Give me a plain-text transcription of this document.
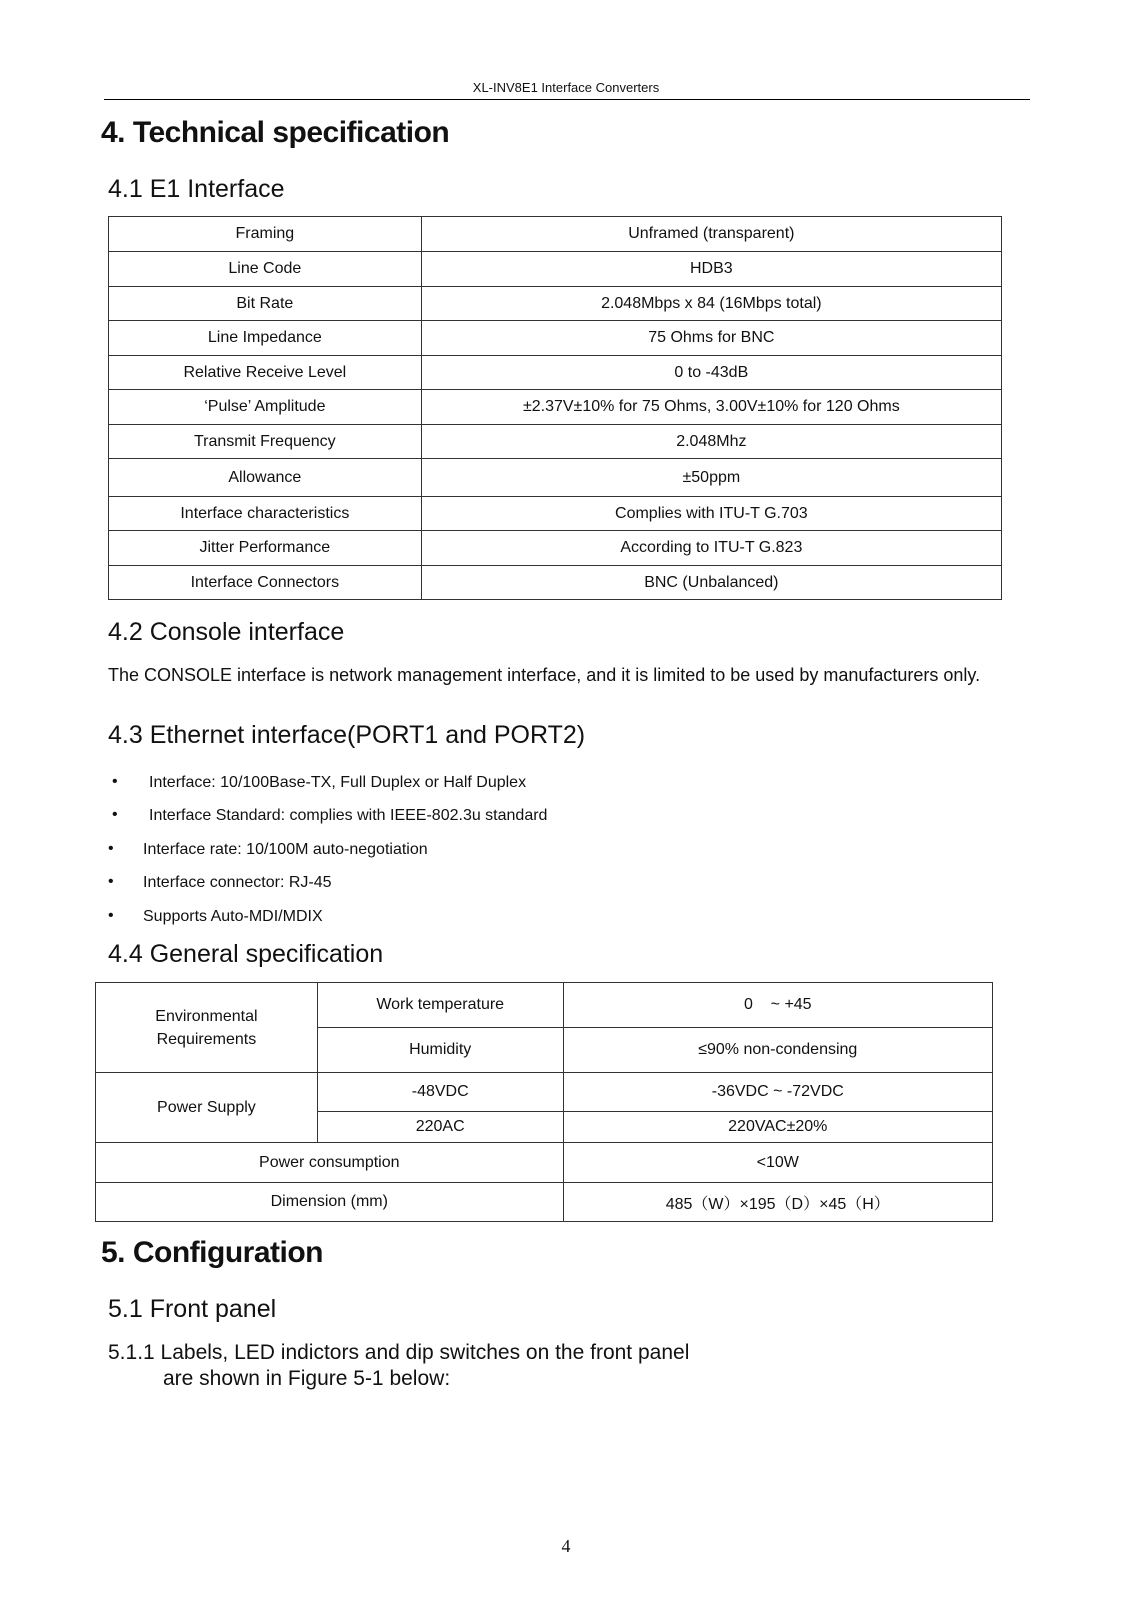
XL-INV8E1 Interface Converters
4. Technical specification
4.1 E1 Interface
Framing	Unframed (transparent)
Line Code	HDB3
Bit Rate	2.048Mbps x 84 (16Mbps total)
Line Impedance	75 Ohms for BNC
Relative Receive Level	0 to -43dB
‘Pulse’ Amplitude	±2.37V±10% for 75 Ohms, 3.00V±10% for 120 Ohms
Transmit Frequency	2.048Mhz
Allowance	±50ppm
Interface characteristics	Complies with ITU-T G.703
Jitter Performance	According to ITU-T G.823
Interface Connectors	BNC (Unbalanced)
4.2 Console interface
The CONSOLE interface is network management interface, and it is limited to be used by manufacturers only.
4.3 Ethernet interface(PORT1 and PORT2)
• Interface: 10/100Base-TX, Full Duplex or Half Duplex
• Interface Standard: complies with IEEE-802.3u standard
• Interface rate: 10/100M auto-negotiation
• Interface connector: RJ-45
• Supports Auto-MDI/MDIX
4.4 General specification
Environmental Requirements	Work temperature	0    ~ +45
	Humidity	≤90% non-condensing
Power Supply	-48VDC	-36VDC ~ -72VDC
	220AC	220VAC±20%
Power consumption		<10W
Dimension (mm)		485（W）×195（D）×45（H）
5. Configuration
5.1 Front panel
5.1.1 Labels, LED indictors and dip switches on the front panel
are shown in Figure 5-1 below:
4
